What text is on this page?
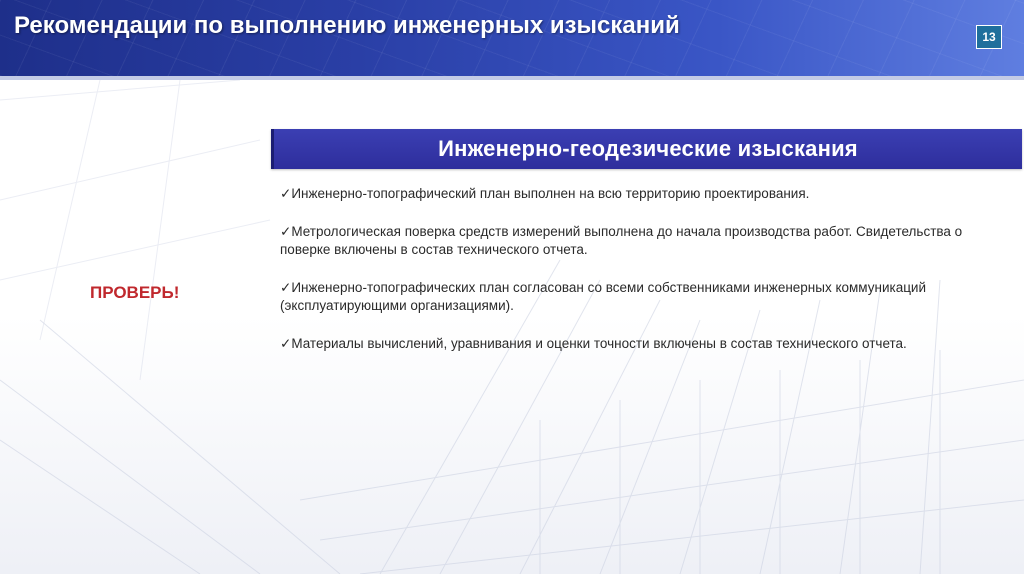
Рекомендации по выполнению инженерных изысканий	13
Инженерно-геодезические изыскания
ПРОВЕРЬ!
✓Инженерно-топографический план выполнен на всю территорию проектирования.
✓Метрологическая поверка средств измерений выполнена до начала производства работ. Свидетельства о поверке включены в состав технического отчета.
✓Инженерно-топографических план согласован со всеми собственниками инженерных коммуникаций (эксплуатирующими организациями).
✓Материалы вычислений, уравнивания и оценки точности включены в состав технического отчета.
